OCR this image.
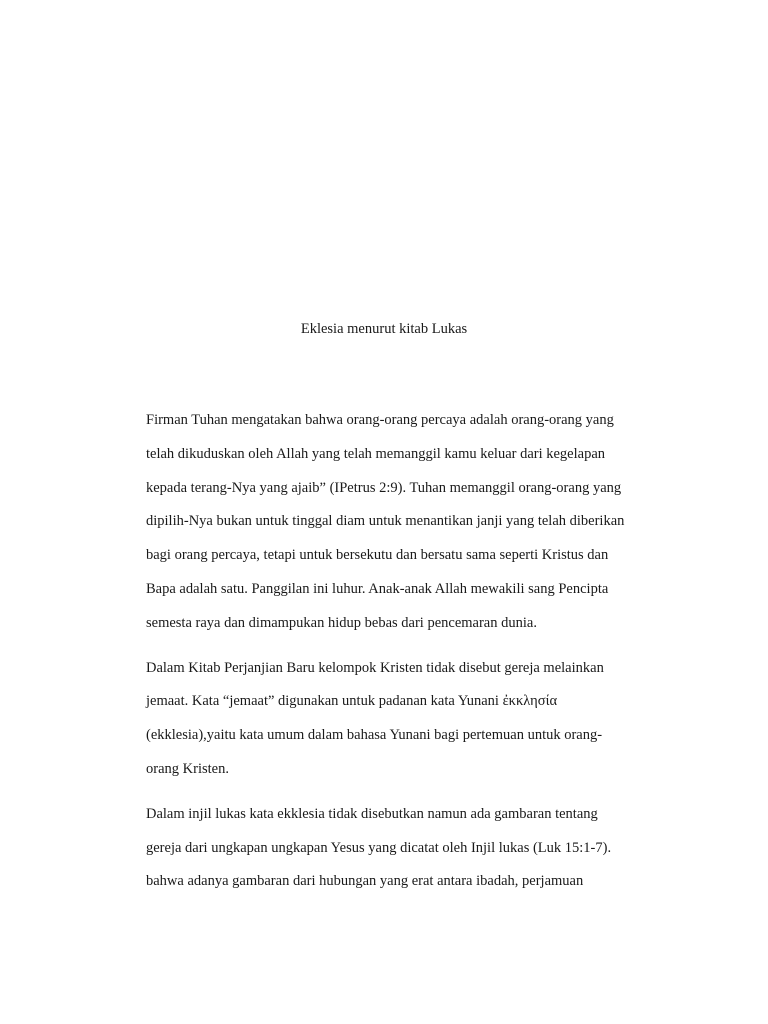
Eklesia menurut kitab Lukas
Firman Tuhan mengatakan bahwa orang-orang percaya adalah orang-orang yang
telah dikuduskan oleh Allah yang telah memanggil kamu keluar dari kegelapan
kepada terang-Nya yang ajaib” (IPetrus 2:9). Tuhan memanggil orang-orang yang
dipilih-Nya bukan untuk tinggal diam untuk menantikan janji yang telah diberikan
bagi orang percaya, tetapi untuk bersekutu dan bersatu sama seperti Kristus dan
Bapa adalah satu. Panggilan ini luhur. Anak-anak Allah mewakili sang Pencipta
semesta raya dan dimampukan hidup bebas dari pencemaran dunia.
Dalam Kitab Perjanjian Baru kelompok Kristen tidak disebut gereja melainkan
jemaat. Kata “jemaat” digunakan untuk padanan kata Yunani ἐκκλησία
(ekklesia),yaitu kata umum dalam bahasa Yunani bagi pertemuan untuk orang-
orang Kristen.
Dalam injil lukas kata ekklesia tidak disebutkan namun ada gambaran tentang
gereja dari ungkapan ungkapan Yesus yang dicatat oleh Injil lukas (Luk 15:1-7).
bahwa adanya gambaran dari hubungan yang erat antara ibadah, perjamuan
